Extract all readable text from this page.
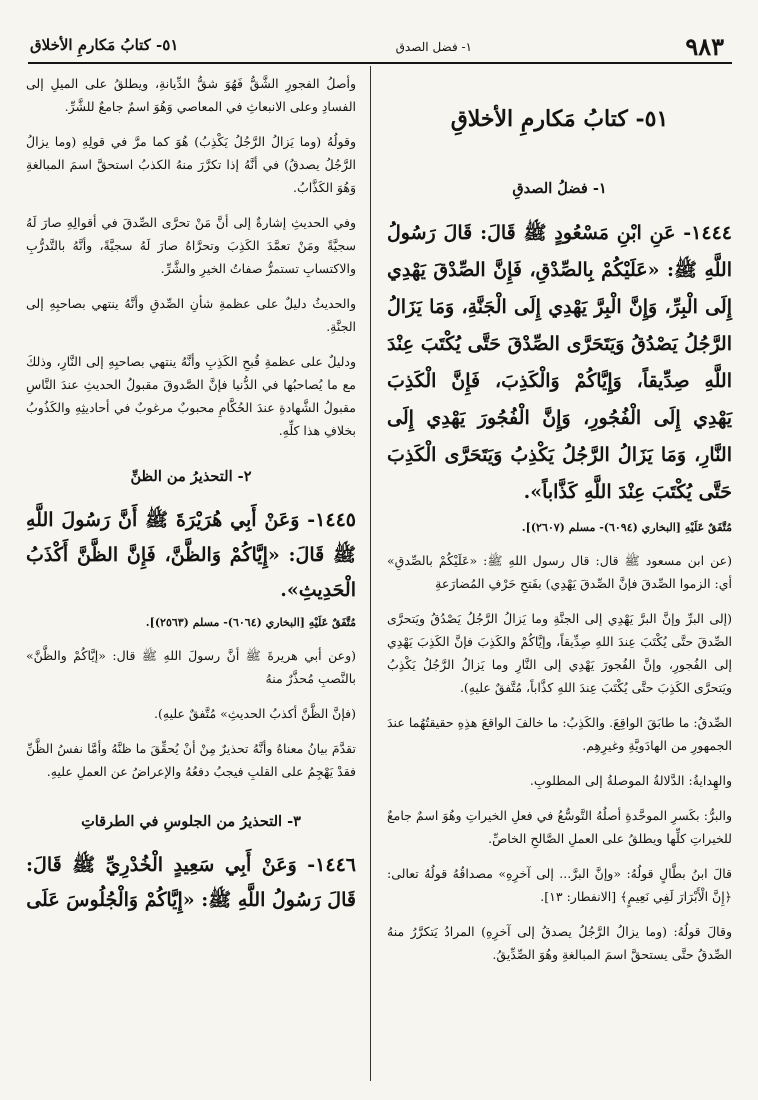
٩٨٣
١- فضل الصدق
٥١- كتابُ مَكارمِ الأخلاق
٥١- كتابُ مَكارمِ الأخلاقِ
١- فضلُ الصدقِ

١٤٤٤- عَنِ ابْنِ مَسْعُودٍ ﷺ قَالَ: قَالَ رَسُولُ اللَّهِ ﷺ: «عَلَيْكُمْ بِالصِّدْقِ، فَإِنَّ الصِّدْقَ يَهْدِي إِلَى الْبِرِّ، وَإِنَّ الْبِرَّ يَهْدِي إِلَى الْجَنَّةِ، وَمَا يَزَالُ الرَّجُلُ يَصْدُقُ وَيَتَحَرَّى الصِّدْقَ حَتَّى يُكْتَبَ عِنْدَ اللَّهِ صِدِّيقاً، وَإِيَّاكُمْ وَالْكَذِبَ، فَإِنَّ الْكَذِبَ يَهْدِي إِلَى الْفُجُورِ، وَإِنَّ الْفُجُورَ يَهْدِي إِلَى النَّارِ، وَمَا يَزَالُ الرَّجُلُ يَكْذِبُ وَيَتَحَرَّى الْكَذِبَ حَتَّى يُكْتَبَ عِنْدَ اللَّهِ كَذَّاباً».

مُتَّفَقٌ عَلَيْهِ [البخاري (٦٠٩٤)- مسلم (٢٦٠٧)].

(عن ابن مسعود ﷺ قال: قال رسول اللهِ ﷺ: «عَلَيْكُمْ بالصِّدقِ» أي: الزموا الصِّدقَ فإنَّ الصِّدقَ يَهْدِي) بفَتحِ حَرْفِ المُضارَعةِ

(إلى البرِّ وإنَّ البرَّ يَهْدِي إلى الجنَّةِ وما يَزالُ الرَّجُلُ يَصْدُقُ ويَتحرَّى الصِّدقَ حتَّى يُكْتَبَ عِندَ اللهِ صِدِّيقاً، وإيَّاكُمْ والكَذِبَ فإنَّ الكَذِبَ يَهْدِي إلى الفُجورِ، وإنَّ الفُجورَ يَهْدِي إلى النَّارِ وما يَزالُ الرَّجُلُ يَكْذِبُ ويَتحرَّى الكَذِبَ حتَّى يُكْتَبَ عِندَ اللهِ كذَّاباً، مُتَّفقٌ عليهِ).

الصِّدقُ: ما طابَقَ الواقِعَ. والكَذِبُ: ما خالفَ الواقعَ هذِهِ حقيقتُهُما عندَ الجمهورِ من الهادَويَّةِ وغيرِهِم.

والهِدايةُ: الدَّلالةُ الموصلةُ إلى المطلوبِ.

والبرُّ: بكَسرِ الموحَّدةِ أصلُهُ التَّوسُّعُ في فعلِ الخيراتِ وهُوَ اسمٌ جامعٌ للخيراتِ كلِّها ويطلقُ على العملِ الصَّالحِ الخاصِّ.

قالَ ابنُ بطَّالٍ قولُهُ: «وإنَّ البرَّ... إلى آخرِهِ» مصداقُهُ قولُهُ تعالى: ﴿إِنَّ الْأَبْرَارَ لَفِي نَعِيمٍ﴾ [الانفطار: ١٣].

وقالَ قولُهُ: (وما يزالُ الرَّجُلُ يصدقُ إلى آخرِهِ) المرادُ يَتكرَّرُ منهُ الصِّدقُ حتَّى يستحقَّ اسمَ المبالغةِ وهُوَ الصِّدِّيقُ.

وأصلُ الفجورِ الشَّقُّ فَهُوَ شقُّ الدِّيانةِ، ويطلقُ على الميلِ إلى الفسادِ وعلى الانبعاثِ في المعاصي وَهُوَ اسمٌ جامعٌ للشَّرِّ.

وقولُهُ (وما يَزالُ الرَّجُلُ يَكْذِبُ) هُوَ كما مرَّ في قولِهِ (وما يزالُ الرَّجُلُ يصدقُ) في أنَّهُ إذا تكرَّرَ منهُ الكذبُ استحقَّ اسمَ المبالغةِ وَهُوَ الكَذَّابُ.

وفي الحديثِ إشارةٌ إلى أنَّ مَنْ تحرَّى الصِّدقَ في أقوالِهِ صارَ لَهُ سجيَّةً ومَنْ تعمَّدَ الكَذِبَ وتحرَّاهُ صارَ لَهُ سجيَّةً، وأنَّهُ بالتَّدرُّبِ والاكتسابِ تستمرُّ صفاتُ الخيرِ والشَّرِّ.

والحديثُ دليلٌ على عظمةِ شأنِ الصِّدقِ وأنَّهُ ينتهي بصاحبِهِ إلى الجنَّةِ.

ودليلٌ على عظمةِ قُبحِ الكَذِبِ وأنَّهُ ينتهي بصاحبِهِ إلى النَّارِ، وذلكَ مع ما يُصاحبُها في الدُّنيا فإنَّ الصَّدوقَ مقبولُ الحديثِ عندَ النَّاسِ مقبولُ الشَّهادةِ عندَ الحُكَّامِ محبوبٌ مرغوبٌ في أحاديثِهِ والكَذُوبُ بخلافِ هذا كلِّهِ.

٢- التحذيرُ من الظنِّ

١٤٤٥- وَعَنْ أَبِي هُرَيْرَةَ ﷺ أَنَّ رَسُولَ اللَّهِ ﷺ قَالَ: «إِيَّاكُمْ وَالظَّنَّ، فَإِنَّ الظَّنَّ أَكْذَبُ الْحَدِيثِ».

مُتَّفَقٌ عَلَيْهِ [البخاري (٦٠٦٤)- مسلم (٢٥٦٣)].

(وعن أبي هريرةَ ﷺ أنَّ رسولَ اللهِ ﷺ قال: «إيَّاكُمْ والظَّنَّ» بالنَّصبِ مُحذَّرٌ منهُ

(فإنَّ الظَّنَّ أكذبُ الحديثِ» مُتَّفقٌ عليهِ).

تقدَّمَ بيانُ معناهُ وأنَّهُ تحذيرٌ مِنْ أنْ يُحقِّقَ ما ظنَّهُ وأمَّا نفسُ الظَّنِّ فقدْ يَهْجِمُ على القلبِ فيجبُ دفعُهُ والإعراضُ عن العملِ عليهِ.

٣- التحذيرُ من الجلوسِ في الطرقاتِ

١٤٤٦- وَعَنْ أَبِي سَعِيدٍ الْخُدْرِيِّ ﷺ قَالَ: قَالَ رَسُولُ اللَّهِ ﷺ: «إِيَّاكُمْ وَالْجُلُوسَ عَلَى
